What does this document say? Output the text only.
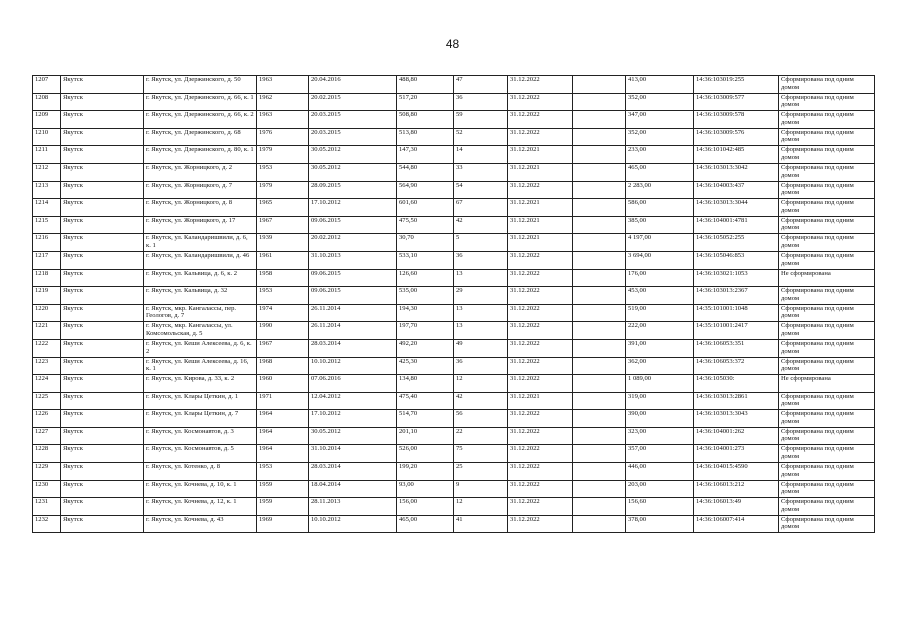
48
1207	Якутск	г. Якутск, ул. Дзержинского, д. 50	1963	20.04.2016	488,80	47	31.12.2022		413,00	14:36:103019:255	Сформирована под одним домом
1208	Якутск	г. Якутск, ул. Дзержинского, д. 66, к. 1	1962	20.02.2015	517,20	36	31.12.2022		352,00	14:36:103009:577	Сформирована под одним домом
1209	Якутск	г. Якутск, ул. Дзержинского, д. 66, к. 2	1963	20.03.2015	508,80	59	31.12.2022		347,00	14:36:103009:578	Сформирована под одним домом
1210	Якутск	г. Якутск, ул. Дзержинского, д. 68	1976	20.03.2015	513,80	52	31.12.2022		352,00	14:36:103009:576	Сформирована под одним домом
1211	Якутск	г. Якутск, ул. Дзержинского, д. 80, к. 1	1979	30.05.2012	147,30	14	31.12.2021		233,00	14:36:101042:485	Сформирована под одним домом
1212	Якутск	г. Якутск, ул. Жорницкого, д. 2	1953	30.05.2012	544,80	33	31.12.2021		465,00	14:36:103013:3042	Сформирована под одним домом
1213	Якутск	г. Якутск, ул. Жорницкого, д. 7	1979	28.09.2015	564,90	54	31.12.2022		2 283,00	14:36:104003:437	Сформирована под одним домом
1214	Якутск	г. Якутск, ул. Жорницкого, д. 8	1965	17.10.2012	601,60	67	31.12.2021		586,00	14:36:103013:3044	Сформирована под одним домом
1215	Якутск	г. Якутск, ул. Жорницкого, д. 17	1967	09.06.2015	475,50	42	31.12.2021		385,00	14:36:104001:4781	Сформирована под одним домом
1216	Якутск	г. Якутск, ул. Каландаришвили, д. 6, к. 1	1939	20.02.2012	30,70	5	31.12.2021		4 197,00	14:36:105052:255	Сформирована под одним домом
1217	Якутск	г. Якутск, ул. Каландаришвили, д. 46	1961	31.10.2013	533,10	36	31.12.2022		3 694,00	14:36:105046:853	Сформирована под одним домом
1218	Якутск	г. Якутск, ул. Кальвица, д. 6, к. 2	1958	09.06.2015	126,60	13	31.12.2022		176,00	14:36:103021:1053	Не сформирована
1219	Якутск	г. Якутск, ул. Кальвица, д. 32	1953	09.06.2015	535,00	29	31.12.2022		453,00	14:36:103013:2367	Сформирована под одним домом
1220	Якутск	г. Якутск, мкр. Кангалассы, пер. Геологов, д. 7	1974	26.11.2014	194,30	13	31.12.2022		519,00	14:35:101001:1048	Сформирована под одним домом
1221	Якутск	г. Якутск, мкр. Кангалассы, ул. Комсомольская, д. 5	1990	26.11.2014	197,70	13	31.12.2022		222,00	14:35:101001:2417	Сформирована под одним домом
1222	Якутск	г. Якутск, ул. Кеши Алексеева, д. 6, к. 2	1967	28.03.2014	492,20	49	31.12.2022		391,00	14:36:106053:351	Сформирована под одним домом
1223	Якутск	г. Якутск, ул. Кеши Алексеева, д. 16, к. 1	1968	10.10.2012	425,30	36	31.12.2022		362,00	14:36:106053:372	Сформирована под одним домом
1224	Якутск	г. Якутск, ул. Кирова, д. 33, к. 2	1960	07.06.2016	134,80	12	31.12.2022		1 089,00	14:36:105030:	Не сформирована
1225	Якутск	г. Якутск, ул. Клары Цеткин, д. 1	1971	12.04.2012	475,40	42	31.12.2021		319,00	14:36:103013:2861	Сформирована под одним домом
1226	Якутск	г. Якутск, ул. Клары Цеткин, д. 7	1964	17.10.2012	514,70	56	31.12.2022		390,00	14:36:103013:3043	Сформирована под одним домом
1227	Якутск	г. Якутск, ул. Космонавтов, д. 3	1964	30.05.2012	201,10	22	31.12.2022		323,00	14:36:104001:262	Сформирована под одним домом
1228	Якутск	г. Якутск, ул. Космонавтов, д. 5	1964	31.10.2014	526,00	75	31.12.2022		357,00	14:36:104001:273	Сформирована под одним домом
1229	Якутск	г. Якутск, ул. Котенко, д. 8	1953	28.03.2014	199,20	25	31.12.2022		446,00	14:36:104015:4590	Сформирована под одним домом
1230	Якутск	г. Якутск, ул. Кочнева, д. 10, к. 1	1959	18.04.2014	93,00	9	31.12.2022		203,00	14:36:106013:212	Сформирована под одним домом
1231	Якутск	г. Якутск, ул. Кочнева, д. 12, к. 1	1959	28.11.2013	156,00	12	31.12.2022		156,60	14:36:106013:49	Сформирована под одним домом
1232	Якутск	г. Якутск, ул. Кочнева, д. 43	1969	10.10.2012	465,00	41	31.12.2022		378,00	14:36:106007:414	Сформирована под одним домом
